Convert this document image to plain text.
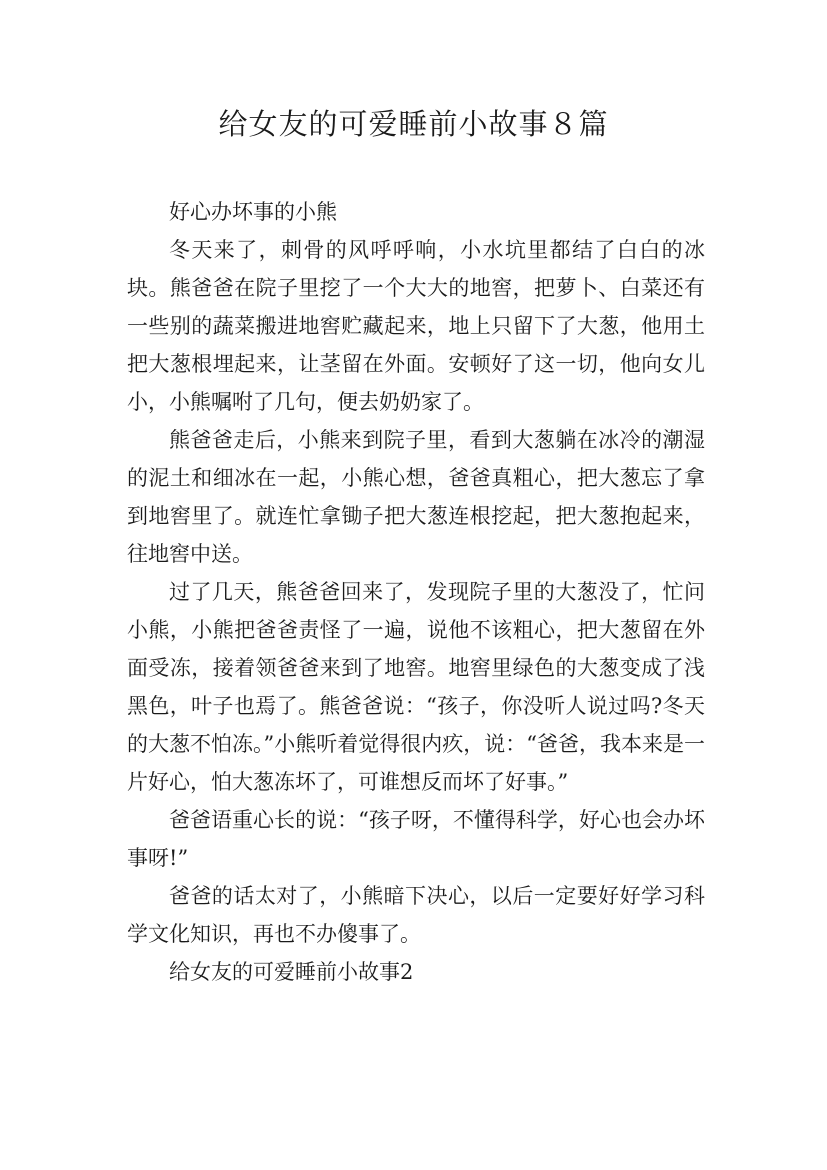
给女友的可爱睡前小故事８篇

好心办坏事的小熊

冬天来了，刺骨的风呼呼响，小水坑里都结了白白的冰块。熊爸爸在院子里挖了一个大大的地窖，把萝卜、白菜还有一些别的蔬菜搬进地窖贮藏起来，地上只留下了大葱，他用土把大葱根埋起来，让茎留在外面。安顿好了这一切，他向女儿小，小熊嘱咐了几句，便去奶奶家了。

熊爸爸走后，小熊来到院子里，看到大葱躺在冰冷的潮湿的泥土和细冰在一起，小熊心想，爸爸真粗心，把大葱忘了拿到地窖里了。就连忙拿锄子把大葱连根挖起，把大葱抱起来，往地窖中送。

过了几天，熊爸爸回来了，发现院子里的大葱没了，忙问小熊，小熊把爸爸责怪了一遍，说他不该粗心，把大葱留在外面受冻，接着领爸爸来到了地窖。地窖里绿色的大葱变成了浅黑色，叶子也焉了。熊爸爸说：“孩子，你没听人说过吗?冬天的大葱不怕冻。”小熊听着觉得很内疚，说：“爸爸，我本来是一片好心，怕大葱冻坏了，可谁想反而坏了好事。”

爸爸语重心长的说：“孩子呀，不懂得科学，好心也会办坏事呀!”

爸爸的话太对了，小熊暗下决心，以后一定要好好学习科学文化知识，再也不办傻事了。

给女友的可爱睡前小故事2
